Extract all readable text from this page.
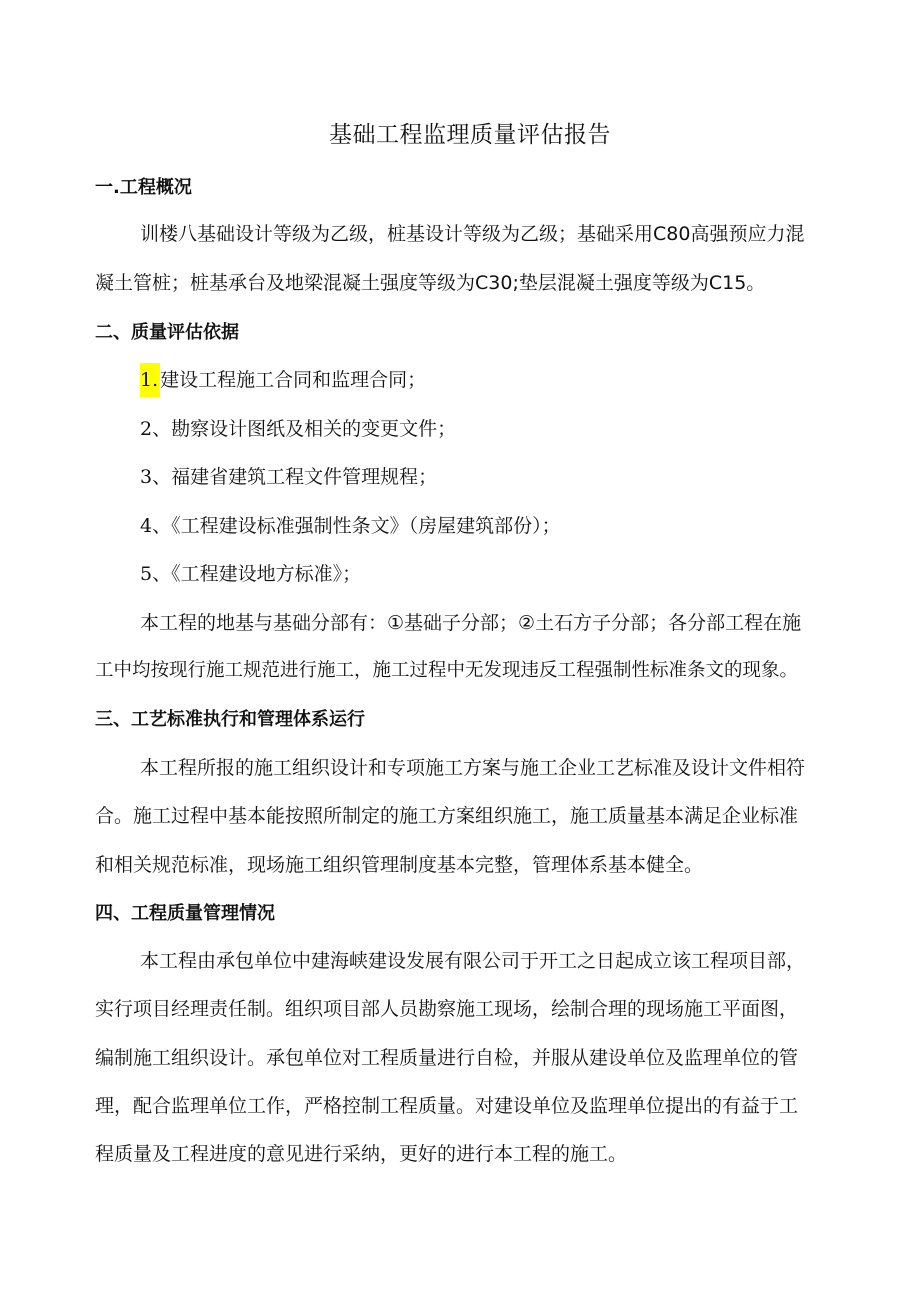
基础工程监理质量评估报告
一.工程概况
训楼八基础设计等级为乙级，桩基设计等级为乙级；基础采用C80高强预应力混
凝土管桩；桩基承台及地梁混凝土强度等级为C30;垫层混凝土强度等级为C15。
二、质量评估依据
1. 建设工程施工合同和监理合同；
2、勘察设计图纸及相关的变更文件；
3、福建省建筑工程文件管理规程；
4、《工程建设标准强制性条文》（房屋建筑部份）；
5、《工程建设地方标准》；
本工程的地基与基础分部有：①基础子分部；②土石方子分部；各分部工程在施
工中均按现行施工规范进行施工，施工过程中无发现违反工程强制性标准条文的现象。
三、工艺标准执行和管理体系运行
本工程所报的施工组织设计和专项施工方案与施工企业工艺标准及设计文件相符
合。施工过程中基本能按照所制定的施工方案组织施工，施工质量基本满足企业标准
和相关规范标准，现场施工组织管理制度基本完整，管理体系基本健全。
四、工程质量管理情况
本工程由承包单位中建海峡建设发展有限公司于开工之日起成立该工程项目部，
实行项目经理责任制。组织项目部人员勘察施工现场，绘制合理的现场施工平面图，
编制施工组织设计。承包单位对工程质量进行自检，并服从建设单位及监理单位的管
理，配合监理单位工作，严格控制工程质量。对建设单位及监理单位提出的有益于工
程质量及工程进度的意见进行采纳，更好的进行本工程的施工。
